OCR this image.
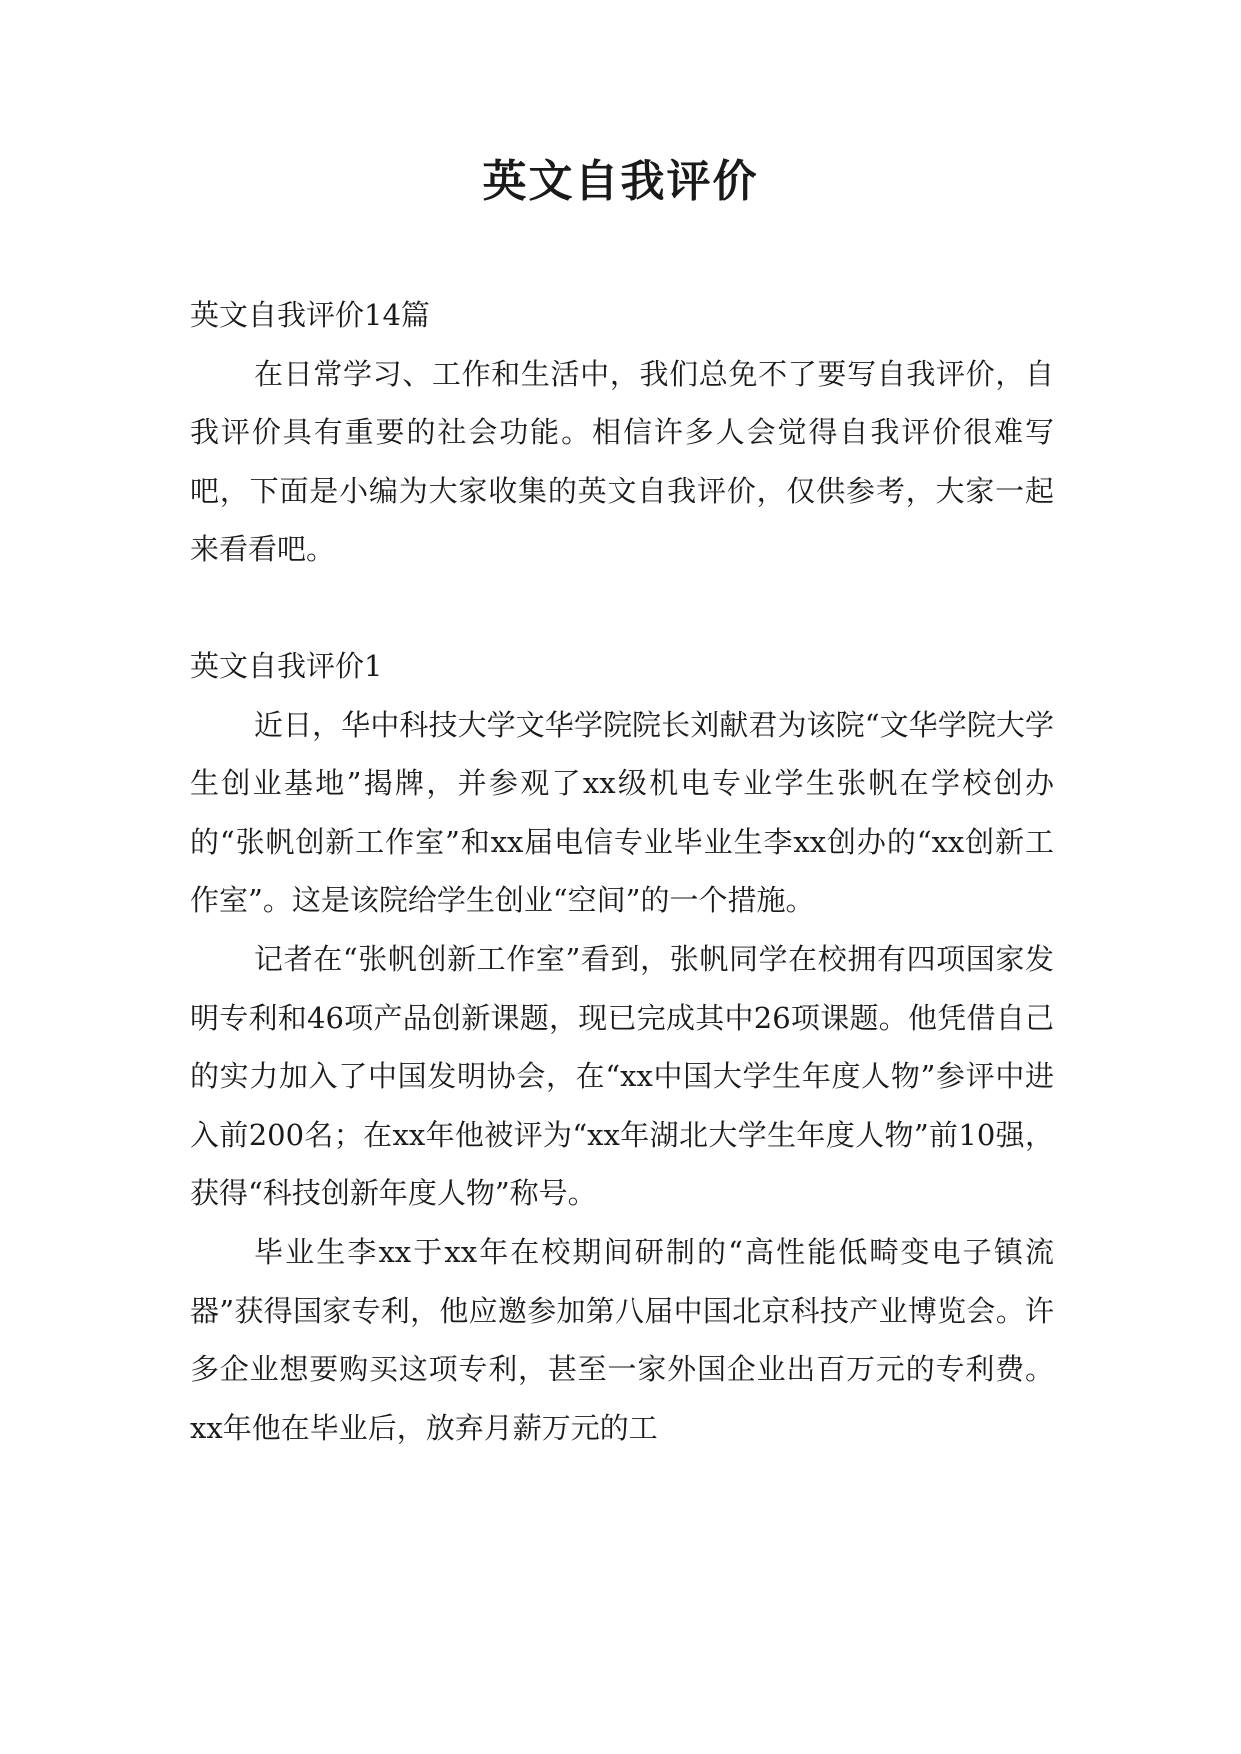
英文自我评价

英文自我评价14篇

在日常学习、工作和生活中，我们总免不了要写自我评价，自我评价具有重要的社会功能。相信许多人会觉得自我评价很难写吧，下面是小编为大家收集的英文自我评价，仅供参考，大家一起来看看吧。

英文自我评价1

近日，华中科技大学文华学院院长刘献君为该院“文华学院大学生创业基地”揭牌，并参观了xx级机电专业学生张帆在学校创办的“张帆创新工作室”和xx届电信专业毕业生李xx创办的“xx创新工作室”。这是该院给学生创业“空间”的一个措施。

记者在“张帆创新工作室”看到，张帆同学在校拥有四项国家发明专利和46项产品创新课题，现已完成其中26项课题。他凭借自己的实力加入了中国发明协会，在“xx中国大学生年度人物”参评中进入前200名；在xx年他被评为“xx年湖北大学生年度人物”前10强，获得“科技创新年度人物”称号。

毕业生李xx于xx年在校期间研制的“高性能低畸变电子镇流器”获得国家专利，他应邀参加第八届中国北京科技产业博览会。许多企业想要购买这项专利，甚至一家外国企业出百万元的专利费。xx年他在毕业后，放弃月薪万元的工
